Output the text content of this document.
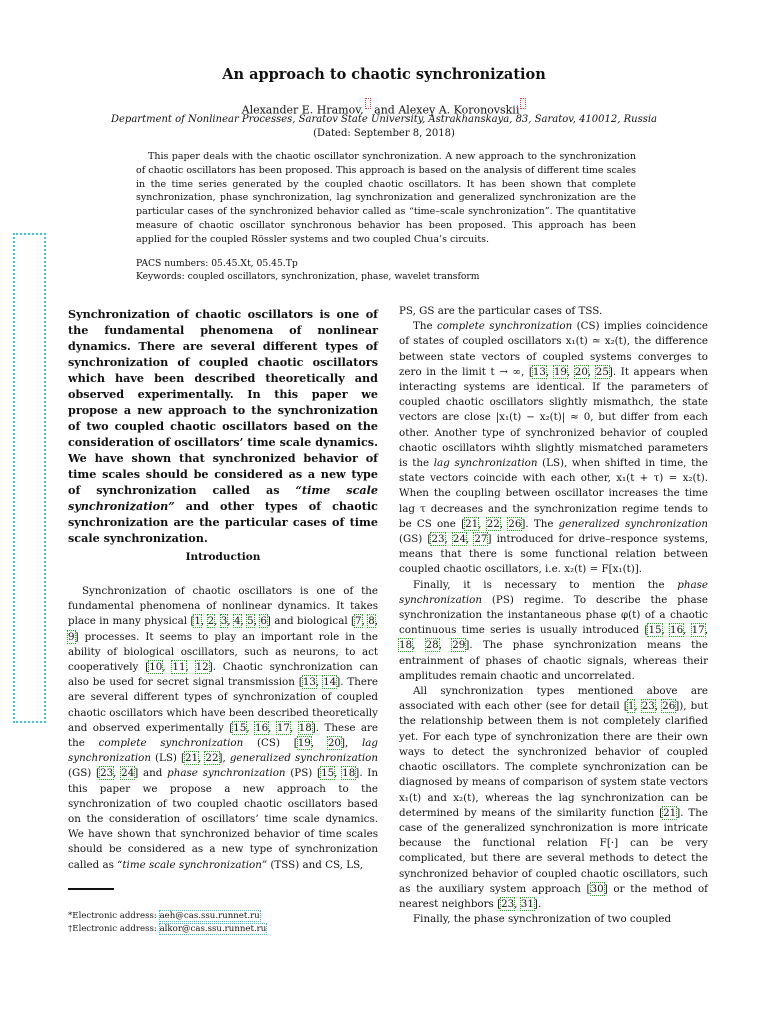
An approach to chaotic synchronization
Alexander E. Hramov, and Alexey A. Koronovskii
Department of Nonlinear Processes, Saratov State University, Astrakhanskaya, 83, Saratov, 410012, Russia
(Dated: September 8, 2018)

This paper deals with the chaotic oscillator synchronization. A new approach to the synchronization of chaotic oscillators has been proposed. This approach is based on the analysis of different time scales in the time series generated by the coupled chaotic oscillators. It has been shown that complete synchronization, phase synchronization, lag synchronization and generalized synchronization are the particular cases of the synchronized behavior called as “time–scale synchronization”. The quantitative measure of chaotic oscillator synchronous behavior has been proposed. This approach has been applied for the coupled Rössler systems and two coupled Chua’s circuits.

PACS numbers: 05.45.Xt, 05.45.Tp
Keywords: coupled oscillators, synchronization, phase, wavelet transform

Synchronization of chaotic oscillators is one of the fundamental phenomena of nonlinear dynamics. There are several different types of synchronization of coupled chaotic oscillators which have been described theoretically and observed experimentally. In this paper we propose a new approach to the synchronization of two coupled chaotic oscillators based on the consideration of oscillators’ time scale dynamics. We have shown that synchronized behavior of time scales should be considered as a new type of synchronization called as “time scale synchronization” and other types of chaotic synchronization are the particular cases of time scale synchronization.

Introduction

Synchronization of chaotic oscillators is one of the fundamental phenomena of nonlinear dynamics. It takes place in many physical [1, 2, 3, 4, 5, 6] and biological [7, 8, 9] processes. It seems to play an important role in the ability of biological oscillators, such as neurons, to act cooperatively [10, 11, 12]. Chaotic synchronization can also be used for secret signal transmission [13, 14]. There are several different types of synchronization of coupled chaotic oscillators which have been described theoretically and observed experimentally [15, 16, 17, 18]. These are the complete synchronization (CS) [19, 20], lag synchronization (LS) [21, 22], generalized synchronization (GS) [23, 24] and phase synchronization (PS) [15, 18]. In this paper we propose a new approach to the synchronization of two coupled chaotic oscillators based on the consideration of oscillators’ time scale dynamics. We have shown that synchronized behavior of time scales should be considered as a new type of synchronization called as “time scale synchronization” (TSS) and CS, LS,

*Electronic address: aeh@cas.ssu.runnet.ru
†Electronic address: alkor@cas.ssu.runnet.ru

PS, GS are the particular cases of TSS.

The complete synchronization (CS) implies coincidence of states of coupled oscillators x₁(t) ≃ x₂(t), the difference between state vectors of coupled systems converges to zero in the limit t → ∞, [13, 19, 20, 25]. It appears when interacting systems are identical. If the parameters of coupled chaotic oscillators slightly mismathch, the state vectors are close |x₁(t) − x₂(t)| ≈ 0, but differ from each other. Another type of synchronized behavior of coupled chaotic oscillators wihth slightly mismatched parameters is the lag synchronization (LS), when shifted in time, the state vectors coincide with each other, x₁(t + τ) = x₂(t). When the coupling between oscillator increases the time lag τ decreases and the synchronization regime tends to be CS one [21, 22, 26]. The generalized synchronization (GS) [23, 24, 27] introduced for drive–responce systems, means that there is some functional relation between coupled chaotic oscillators, i.e. x₂(t) = F[x₁(t)].

Finally, it is necessary to mention the phase synchronization (PS) regime. To describe the phase synchronization the instantaneous phase φ(t) of a chaotic continuous time series is usually introduced [15, 16, 17, 18, 28, 29]. The phase synchronization means the entrainment of phases of chaotic signals, whereas their amplitudes remain chaotic and uncorrelated.

All synchronization types mentioned above are associated with each other (see for detail [1, 23, 26]), but the relationship between them is not completely clarified yet. For each type of synchronization there are their own ways to detect the synchronized behavior of coupled chaotic oscillators. The complete synchronization can be diagnosed by means of comparison of system state vectors x₁(t) and x₂(t), whereas the lag synchronization can be determined by means of the similarity function [21]. The case of the generalized synchronization is more intricate because the functional relation F[·] can be very complicated, but there are several methods to detect the synchronized behavior of coupled chaotic oscillators, such as the auxiliary system approach [30] or the method of nearest neighbors [23, 31].

Finally, the phase synchronization of two coupled
